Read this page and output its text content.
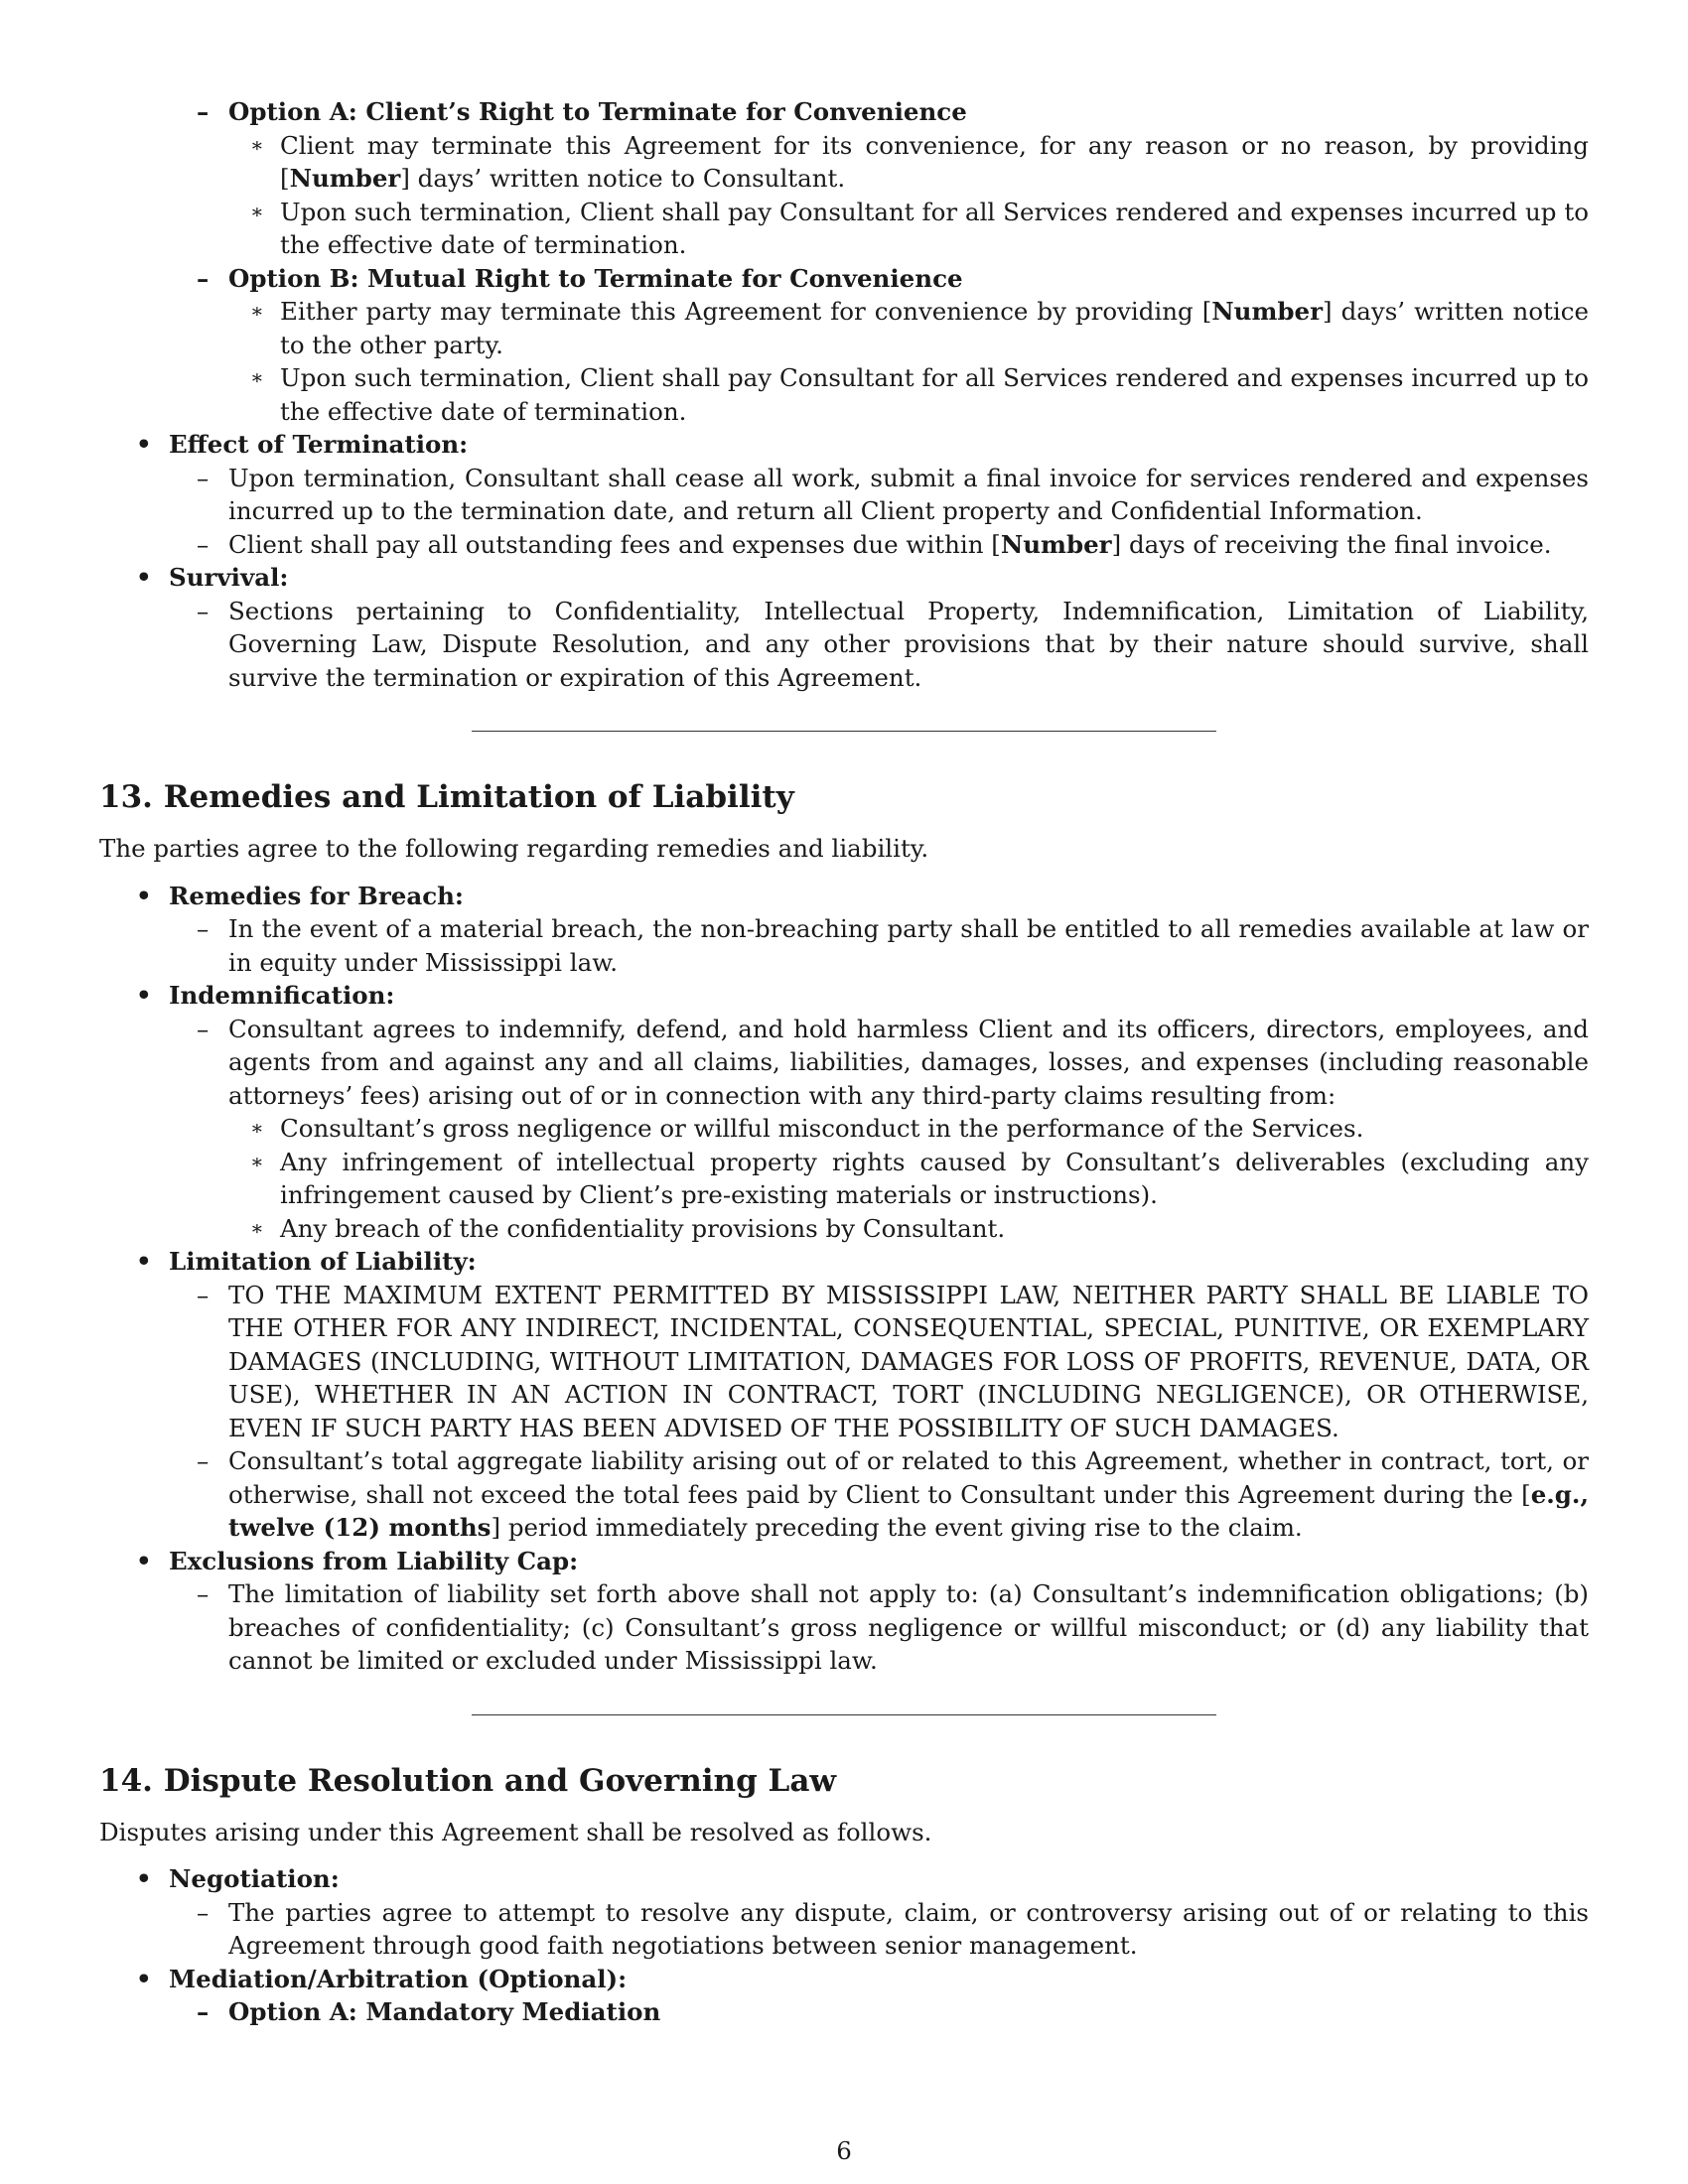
– Option A: Client’s Right to Terminate for Convenience
∗ Client may terminate this Agreement for its convenience, for any reason or no reason, by providing [Number] days’ written notice to Consultant.
∗ Upon such termination, Client shall pay Consultant for all Services rendered and expenses incurred up to the effective date of termination.
– Option B: Mutual Right to Terminate for Convenience
∗ Either party may terminate this Agreement for convenience by providing [Number] days’ written notice to the other party.
∗ Upon such termination, Client shall pay Consultant for all Services rendered and expenses incurred up to the effective date of termination.
• Effect of Termination:
– Upon termination, Consultant shall cease all work, submit a final invoice for services rendered and expenses incurred up to the termination date, and return all Client property and Confidential Information.
– Client shall pay all outstanding fees and expenses due within [Number] days of receiving the final invoice.
• Survival:
– Sections pertaining to Confidentiality, Intellectual Property, Indemnification, Limitation of Liability, Governing Law, Dispute Resolution, and any other provisions that by their nature should survive, shall survive the termination or expiration of this Agreement.
13. Remedies and Limitation of Liability
The parties agree to the following regarding remedies and liability.
• Remedies for Breach:
– In the event of a material breach, the non-breaching party shall be entitled to all remedies available at law or in equity under Mississippi law.
• Indemnification:
– Consultant agrees to indemnify, defend, and hold harmless Client and its officers, directors, employees, and agents from and against any and all claims, liabilities, damages, losses, and expenses (including reasonable attorneys’ fees) arising out of or in connection with any third-party claims resulting from:
∗ Consultant’s gross negligence or willful misconduct in the performance of the Services.
∗ Any infringement of intellectual property rights caused by Consultant’s deliverables (excluding any infringement caused by Client’s pre-existing materials or instructions).
∗ Any breach of the confidentiality provisions by Consultant.
• Limitation of Liability:
– TO THE MAXIMUM EXTENT PERMITTED BY MISSISSIPPI LAW, NEITHER PARTY SHALL BE LIABLE TO THE OTHER FOR ANY INDIRECT, INCIDENTAL, CONSEQUENTIAL, SPECIAL, PUNITIVE, OR EXEMPLARY DAMAGES (INCLUDING, WITHOUT LIMITATION, DAMAGES FOR LOSS OF PROFITS, REVENUE, DATA, OR USE), WHETHER IN AN ACTION IN CONTRACT, TORT (INCLUDING NEGLIGENCE), OR OTHERWISE, EVEN IF SUCH PARTY HAS BEEN ADVISED OF THE POSSIBILITY OF SUCH DAMAGES.
– Consultant’s total aggregate liability arising out of or related to this Agreement, whether in contract, tort, or otherwise, shall not exceed the total fees paid by Client to Consultant under this Agreement during the [e.g., twelve (12) months] period immediately preceding the event giving rise to the claim.
• Exclusions from Liability Cap:
– The limitation of liability set forth above shall not apply to: (a) Consultant’s indemnification obligations; (b) breaches of confidentiality; (c) Consultant’s gross negligence or willful misconduct; or (d) any liability that cannot be limited or excluded under Mississippi law.
14. Dispute Resolution and Governing Law
Disputes arising under this Agreement shall be resolved as follows.
• Negotiation:
– The parties agree to attempt to resolve any dispute, claim, or controversy arising out of or relating to this Agreement through good faith negotiations between senior management.
• Mediation/Arbitration (Optional):
– Option A: Mandatory Mediation
6
